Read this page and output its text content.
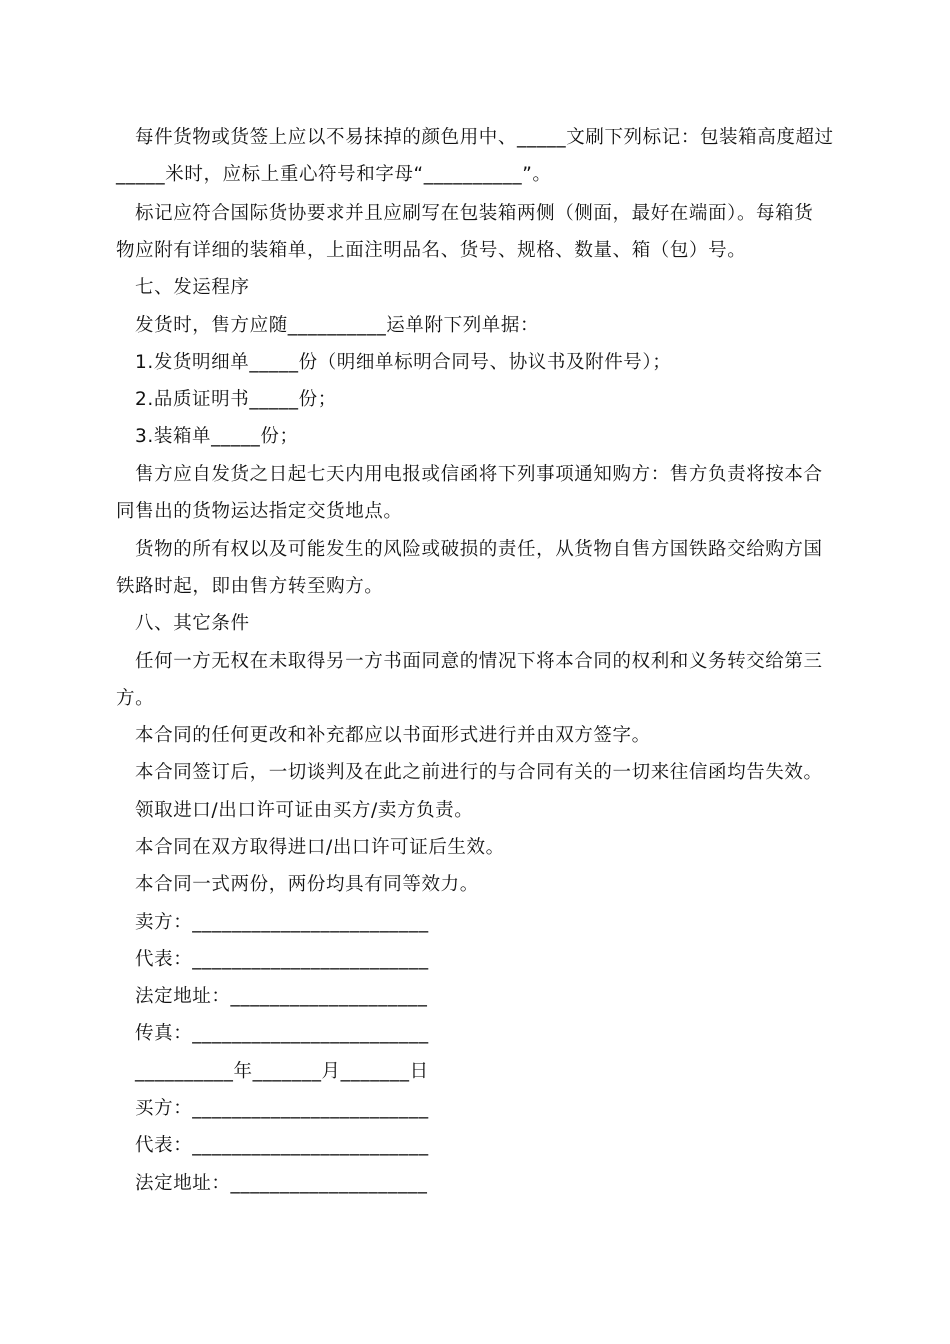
每件货物或货签上应以不易抹掉的颜色用中、_____文刷下列标记：包装箱高度超过
_____米时，应标上重心符号和字母“__________”。
标记应符合国际货协要求并且应刷写在包装箱两侧（侧面，最好在端面）。每箱货
物应附有详细的装箱单，上面注明品名、货号、规格、数量、箱（包）号。
七、发运程序
发货时，售方应随__________运单附下列单据：
1.发货明细单_____份（明细单标明合同号、协议书及附件号）；
2.品质证明书_____份；
3.装箱单_____份；
售方应自发货之日起七天内用电报或信函将下列事项通知购方：售方负责将按本合
同售出的货物运达指定交货地点。
货物的所有权以及可能发生的风险或破损的责任，从货物自售方国铁路交给购方国
铁路时起，即由售方转至购方。
八、其它条件
任何一方无权在未取得另一方书面同意的情况下将本合同的权利和义务转交给第三
方。
本合同的任何更改和补充都应以书面形式进行并由双方签字。
本合同签订后，一切谈判及在此之前进行的与合同有关的一切来往信函均告失效。
领取进口/出口许可证由买方/卖方负责。
本合同在双方取得进口/出口许可证后生效。
本合同一式两份，两份均具有同等效力。
卖方：________________________
代表：________________________
法定地址：____________________
传真：________________________
__________年_______月_______日
买方：________________________
代表：________________________
法定地址：____________________
